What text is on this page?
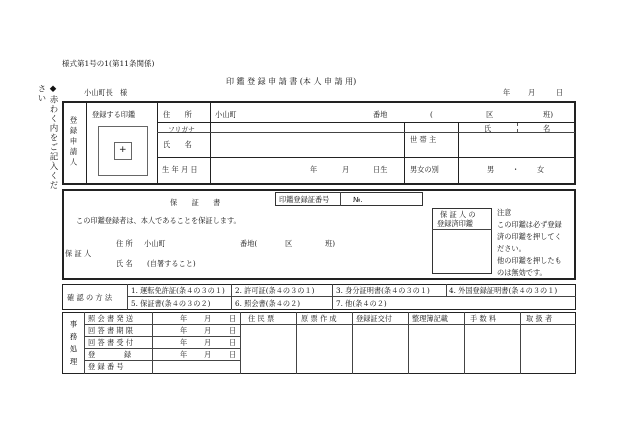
様式第1号の1(第11条関係)
◆赤わく内をご記入ください
印 鑑 登 録 申 請 書 (本 人 申 請 用)
小山町長　様	年 月	日
登録申請人
登録する印鑑
+
住　　所	小山町	番地	(	区	班)
フリガナ
氏　　名
世 帯 主
氏	名
生 年 月 日	年	月	日生	男女の別	男 ・ 女
保　　証　　書	印鑑登録証番号	№.
この印鑑登録者は、本人であることを保証します。
保 証 人
住 所 小山町	番地(	区	班)
氏 名 (自署すること)
保 証 人 の
登録済印鑑
注意
この印鑑は必ず登録
済の印鑑を押してく
ださい。
他の印鑑を押したも
のは無効です。
確 認 の 方 法
1. 運転免許証(条４の３の１) 2. 許可証(条４の３の１)	3. 身分証明書(条４の３の１)	4. 外国登録証明書(条４の３の１)
5. 保証書(条４の３の２)	6. 照会書(条４の２)	7. 他(条４の２)
事務処理
照 会 書 発 送	年 月 日
回 答 書 期 限	年 月 日
回 答 書 受 付	年 月 日
登　　　　録	年 月 日
登 録 番 号
住 民 票	原 票 作 成	登録証交付	整理簿記載	手 数 料	取 扱 者
